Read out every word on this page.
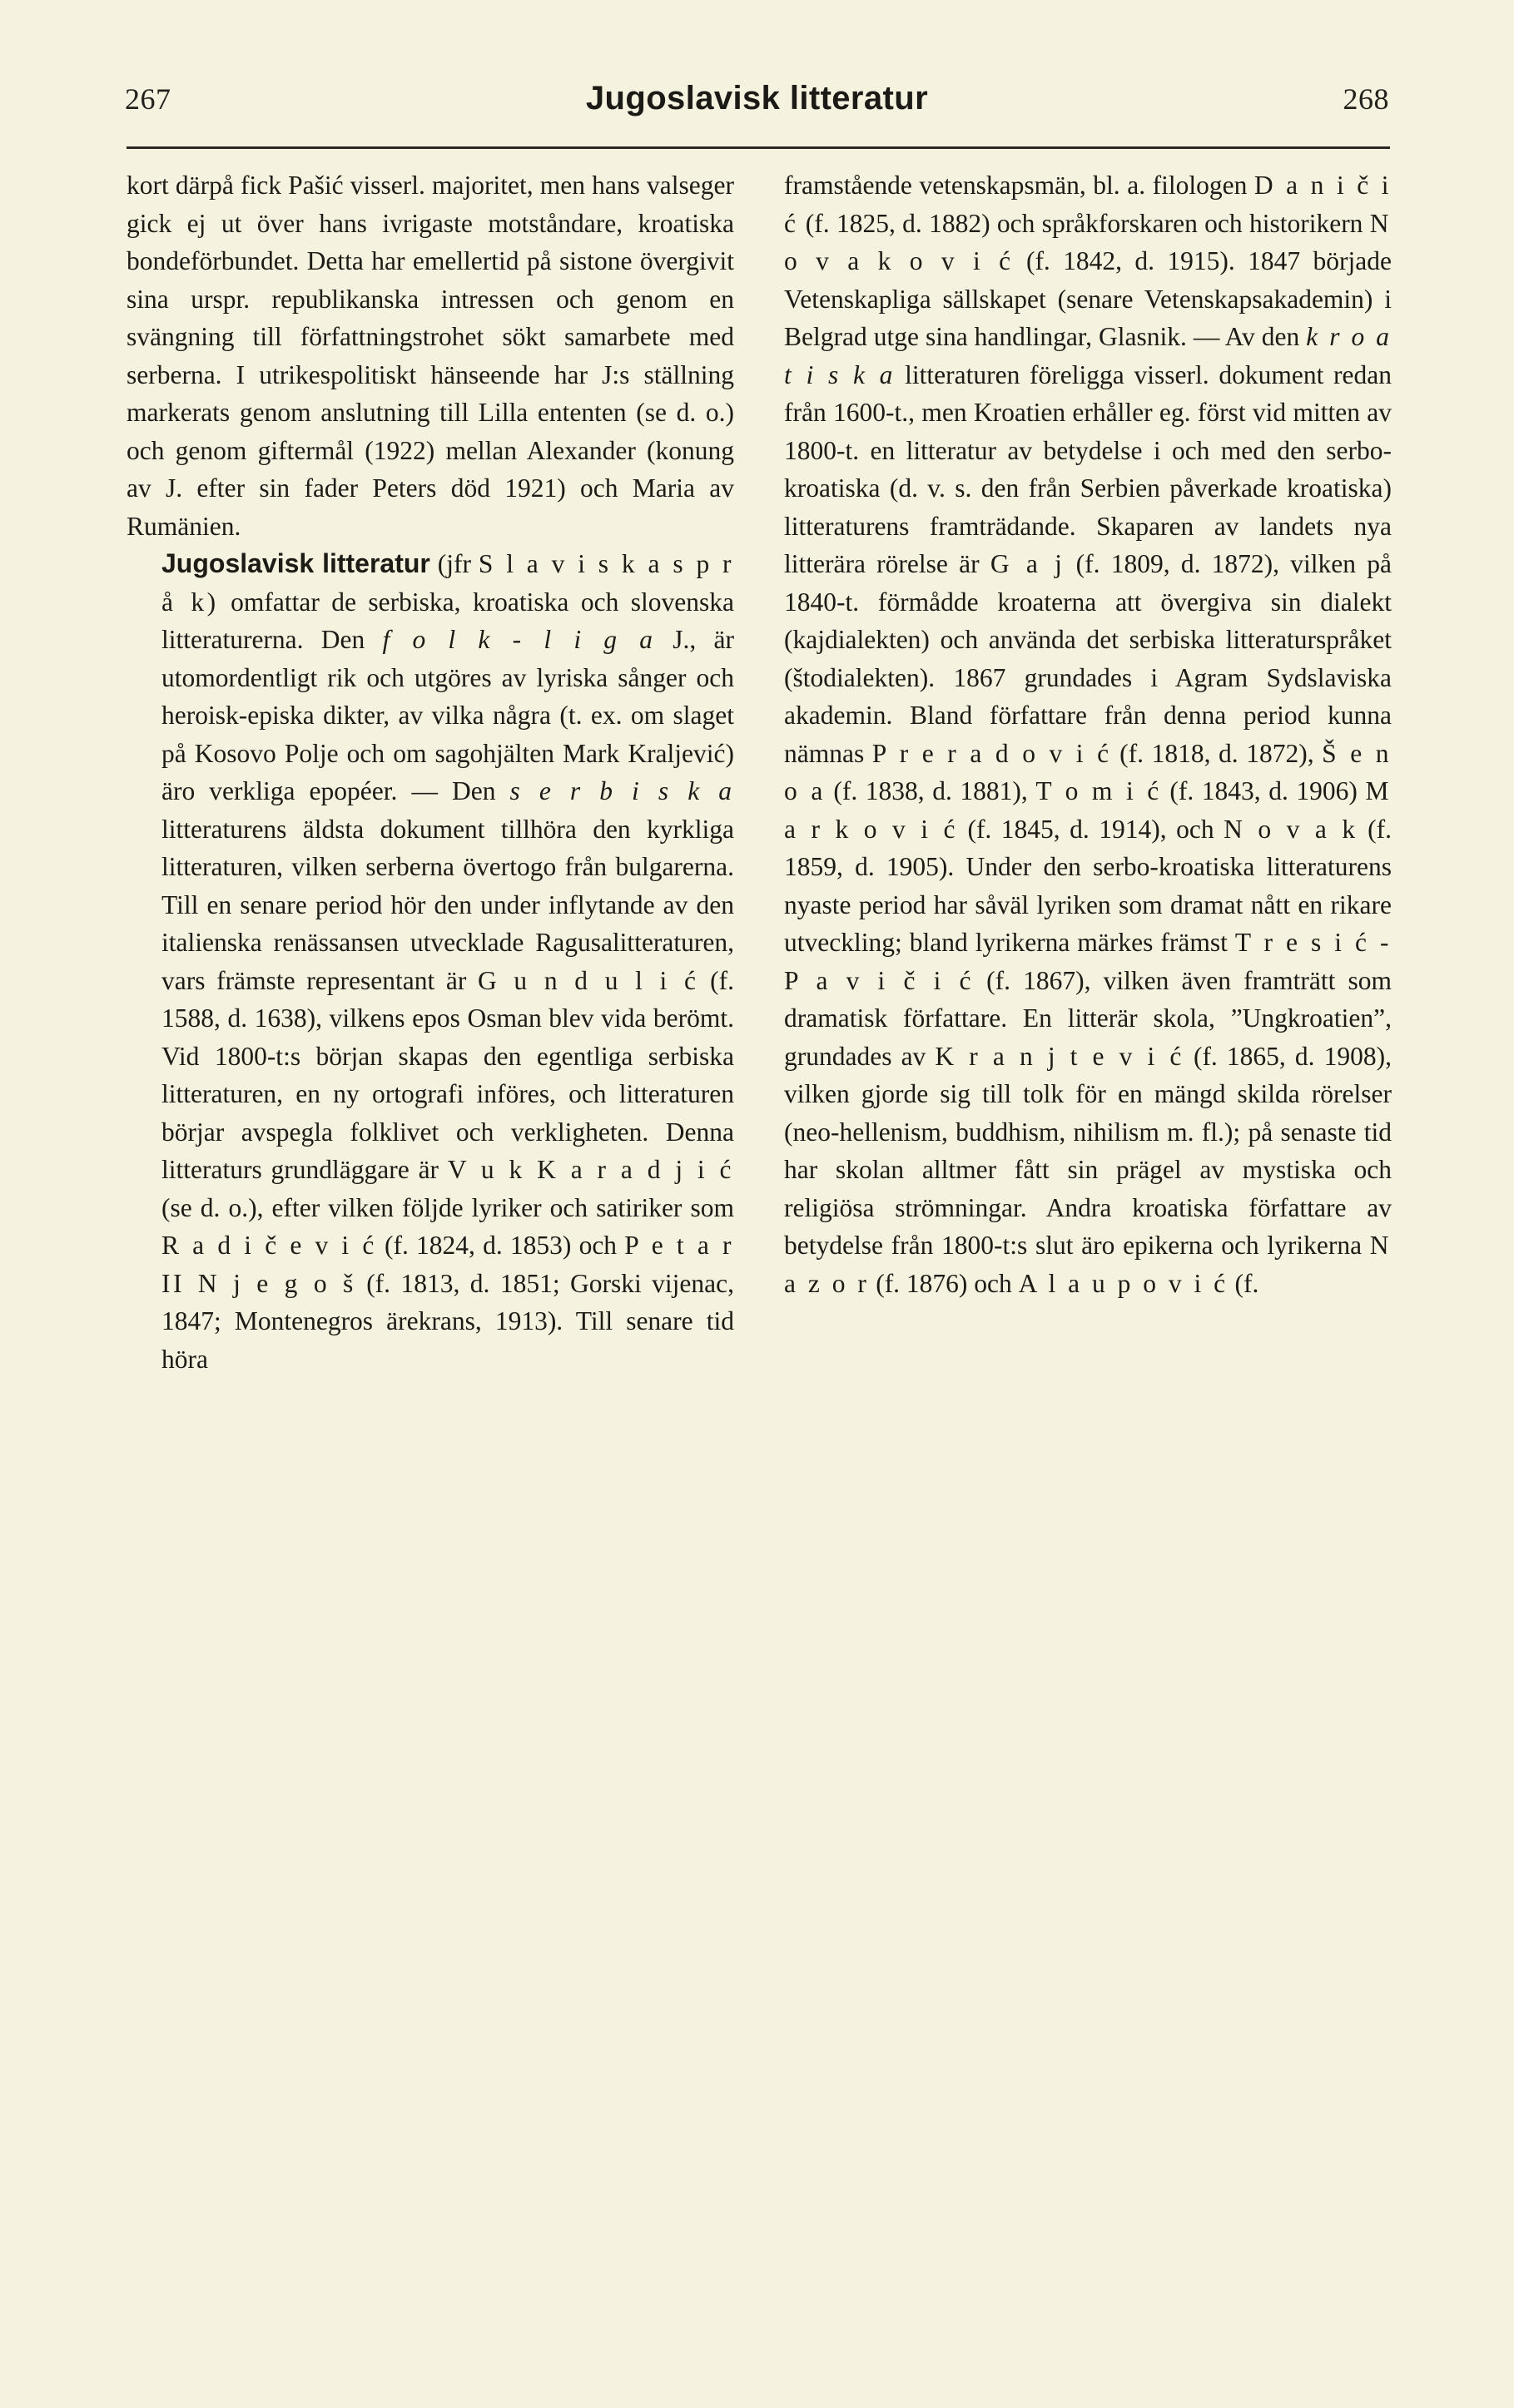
267	Jugoslavisk litteratur	268

kort därpå fick Pašić visserl. majoritet, men hans valseger gick ej ut över hans ivrigaste motståndare, kroatiska bondeförbundet. Detta har emellertid på sistone övergivit sina urspr. republikanska intressen och genom en svängning till författningstrohet sökt samarbete med serberna. I utrikespolitiskt hänseende har J:s ställning markerats genom anslutning till Lilla ententen (se d. o.) och genom giftermål (1922) mellan Alexander (konung av J. efter sin fader Peters död 1921) och Maria av Rumänien.

Jugoslavisk litteratur (jfr S l a v i s k a s p r å k) omfattar de serbiska, kroatiska och slovenska litteraturerna. Den f o l k - l i g a J., är utomordentligt rik och utgöres av lyriska sånger och heroisk-episka dikter, av vilka några (t. ex. om slaget på Kosovo Polje och om sagohjälten Mark Kraljević) äro verkliga epopéer. — Den s e r b i s k a litteraturens äldsta dokument tillhöra den kyrkliga litteraturen, vilken serberna övertogo från bulgarerna. Till en senare period hör den under inflytande av den italienska renässansen utvecklade Ragusalitteraturen, vars främste representant är G u n d u l i ć (f. 1588, d. 1638), vilkens epos Osman blev vida berömt. Vid 1800-t:s början skapas den egentliga serbiska litteraturen, en ny ortografi införes, och litteraturen börjar avspegla folklivet och verkligheten. Denna litteraturs grundläggare är V u k K a r a d j i ć (se d. o.), efter vilken följde lyriker och satiriker som R a d i č e v i ć (f. 1824, d. 1853) och P e t a r II N j e g o š (f. 1813, d. 1851; Gorski vijenac, 1847; Montenegros ärekrans, 1913). Till senare tid höra

framstående vetenskapsmän, bl. a. filologen D a n i č i ć (f. 1825, d. 1882) och språkforskaren och historikern N o v a k o v i ć (f. 1842, d. 1915). 1847 började Vetenskapliga sällskapet (senare Vetenskapsakademin) i Belgrad utge sina handlingar, Glasnik. — Av den k r o a t i s k a litteraturen föreligga visserl. dokument redan från 1600-t., men Kroatien erhåller eg. först vid mitten av 1800-t. en litteratur av betydelse i och med den serbo-kroatiska (d. v. s. den från Serbien påverkade kroatiska) litteraturens framträdande. Skaparen av landets nya litterära rörelse är G a j (f. 1809, d. 1872), vilken på 1840-t. förmådde kroaterna att övergiva sin dialekt (kajdialekten) och använda det serbiska litteraturspråket (štodialekten). 1867 grundades i Agram Sydslaviska akademin. Bland författare från denna period kunna nämnas P r e r a d o v i ć (f. 1818, d. 1872), Š e n o a (f. 1838, d. 1881), T o m i ć (f. 1843, d. 1906) M a r k o v i ć (f. 1845, d. 1914), och N o v a k (f. 1859, d. 1905). Under den serbo-kroatiska litteraturens nyaste period har såväl lyriken som dramat nått en rikare utveckling; bland lyrikerna märkes främst T r e s i ć - P a v i č i ć (f. 1867), vilken även framträtt som dramatisk författare. En litterär skola, ”Ungkroatien”, grundades av K r a n j t e v i ć (f. 1865, d. 1908), vilken gjorde sig till tolk för en mängd skilda rörelser (neo-hellenism, buddhism, nihilism m. fl.); på senaste tid har skolan alltmer fått sin prägel av mystiska och religiösa strömningar. Andra kroatiska författare av betydelse från 1800-t:s slut äro epikerna och lyrikerna N a z o r (f. 1876) och A l a u p o v i ć (f.
